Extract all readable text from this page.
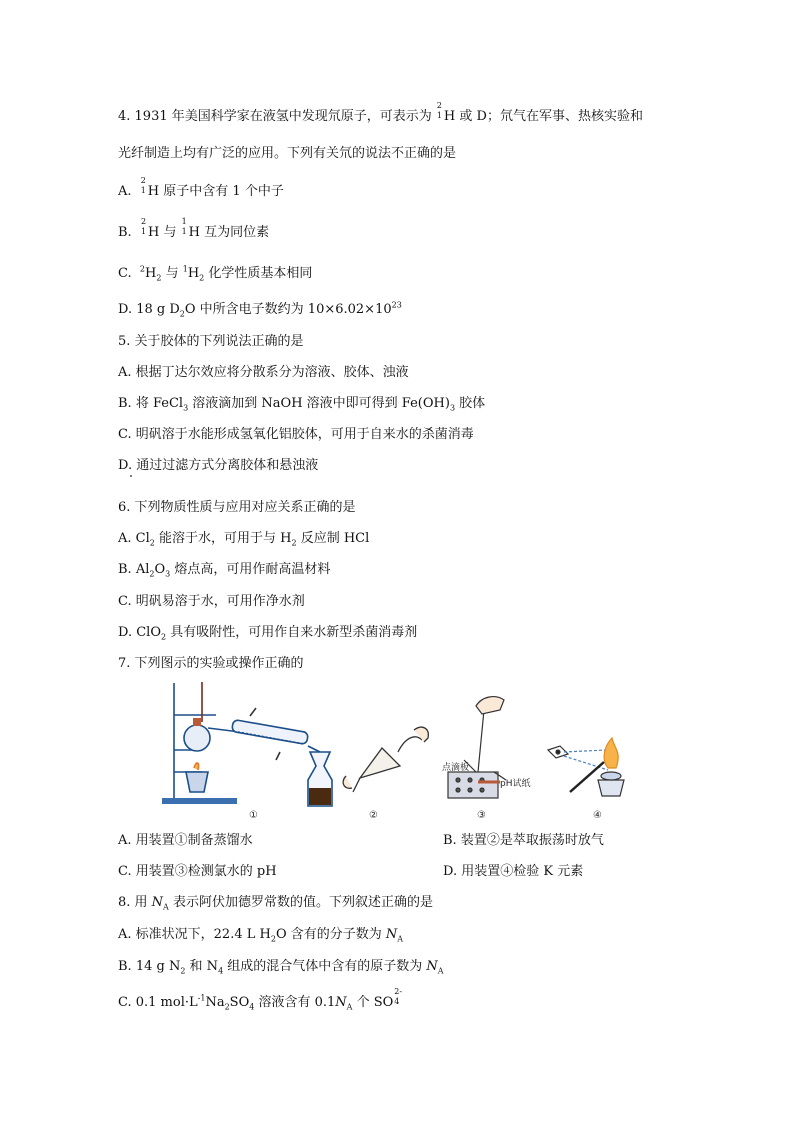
4. 1931 年美国科学家在液氢中发现氘原子，可表示为
2
1 H 或 D；氘气在军事、热核实验和
光纤制造上均有广泛的应用。下列有关氘的说法不正确的是
A.
2
1 H 原子中含有 1 个中子
B.
2
1 H 与
1
1 H 互为同位素
C. $^2H_2$ 与 $^1H_2$ 化学性质基本相同
D. 18 g $D_2O$ 中所含电子数约为 $10\times 6.02\times 10^{23}$
5. 关于胶体的下列说法正确的是
A. 根据丁达尔效应将分散系分为溶液、胶体、浊液
B. 将 FeCl$_3$ 溶液滴加到 NaOH 溶液中即可得到 $Fe(OH)_3$ 胶体
C. 明矾溶于水能形成氢氧化铝胶体，可用于自来水的杀菌消毒
D. 通过过滤方式分离胶体和悬浊液
6. 下列物质性质与应用对应关系正确的是
A. $Cl_2$ 能溶于水，可用于与 $H_2$ 反应制 HCl
B. $Al_2O_3$ 熔点高，可用作耐高温材料
C. 明矾易溶于水，可用作净水剂
D. ClO$_2$ 具有吸附性，可用作自来水新型杀菌消毒剂
7. 下列图示的实验或操作正确的
①	②	③	④
点滴板
pH试纸
A. 用装置①制备蒸馏水	B. 装置②是萃取振荡时放气
C. 用装置③检测氯水的 pH	D. 用装置④检验 K 元素
8. 用 $N_A$ 表示阿伏加德罗常数的值。下列叙述正确的是
A. 标准状况下，22.4 L $H_2O$ 含有的分子数为 $N_A$
B. 14 g $N_2$ 和 $N_4$ 组成的混合气体中含有的原子数为 $N_A$
C. 0.1 $mol\cdot L^{-1}Na_2SO_4$ 溶液含有 $0.1N_A$ 个 SO
2-
4
